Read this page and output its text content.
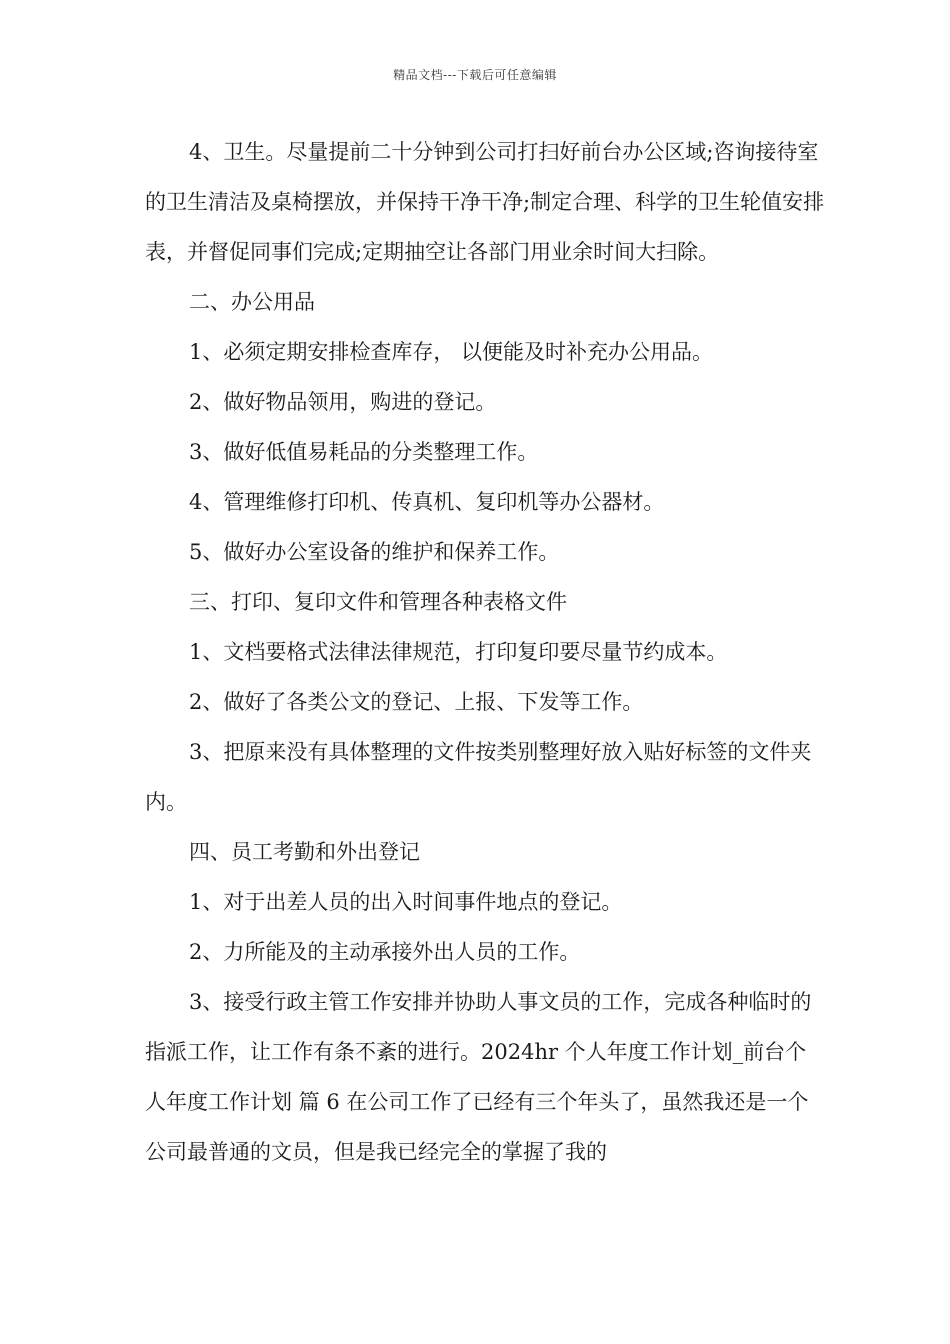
精品文档---下载后可任意编辑

4、卫生。尽量提前二十分钟到公司打扫好前台办公区域;咨询接待室的卫生清洁及桌椅摆放，并保持干净干净;制定合理、科学的卫生轮值安排表，并督促同事们完成;定期抽空让各部门用业余时间大扫除。

二、办公用品

1、必须定期安排检查库存， 以便能及时补充办公用品。

2、做好物品领用，购进的登记。

3、做好低值易耗品的分类整理工作。

4、管理维修打印机、传真机、复印机等办公器材。

5、做好办公室设备的维护和保养工作。

三、打印、复印文件和管理各种表格文件

1、文档要格式法律法律规范，打印复印要尽量节约成本。

2、做好了各类公文的登记、上报、下发等工作。

3、把原来没有具体整理的文件按类别整理好放入贴好标签的文件夹内。

四、员工考勤和外出登记

1、对于出差人员的出入时间事件地点的登记。

2、力所能及的主动承接外出人员的工作。

3、接受行政主管工作安排并协助人事文员的工作，完成各种临时的指派工作，让工作有条不紊的进行。2024hr 个人年度工作计划_前台个人年度工作计划 篇 6 在公司工作了已经有三个年头了，虽然我还是一个公司最普通的文员，但是我已经完全的掌握了我的
